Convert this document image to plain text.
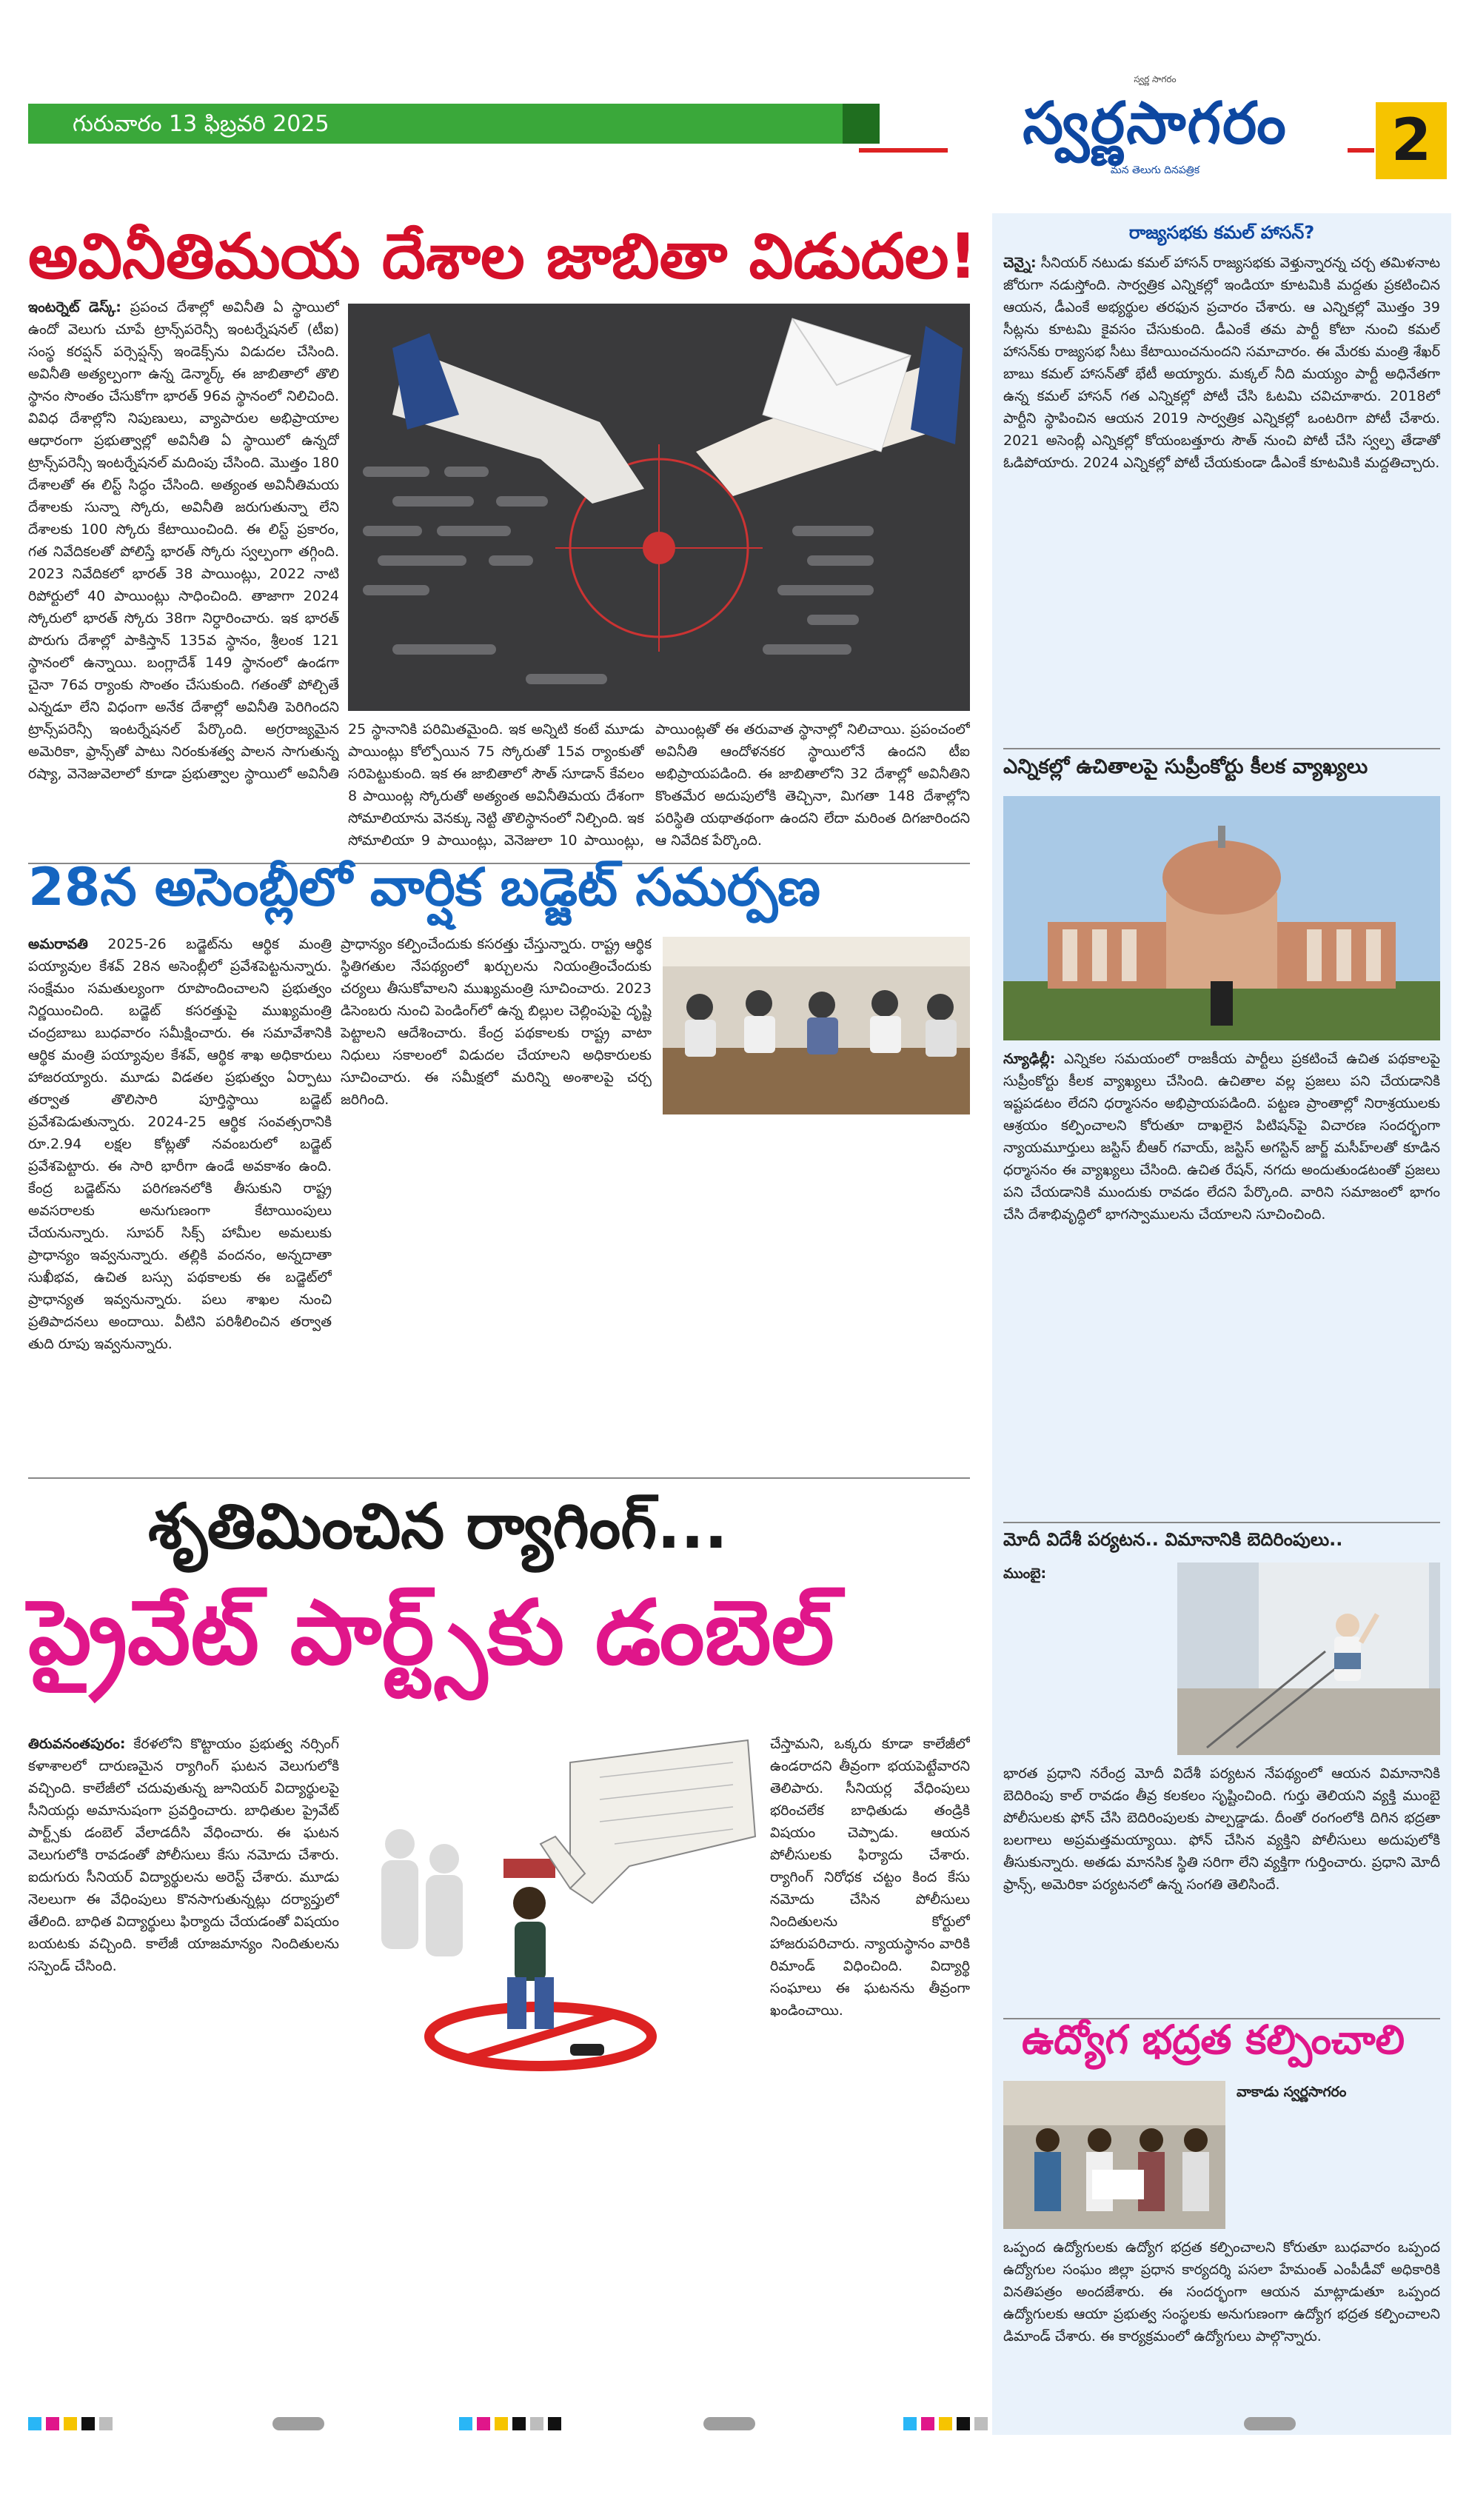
గురువారం 13 ఫిబ్రవరి 2025
స్వర్ణ సాగరం
స్వర్ణసాగరం
మన తెలుగు దినపత్రిక	2
అవినీతిమయ దేశాల జాబితా విడుదల!
ఇంటర్నెట్ డెస్క్: ప్రపంచ దేశాల్లో అవినీతి ఏ స్థాయిలో ఉందో వెలుగు చూపే ట్రాన్స్‌పరెన్సీ ఇంటర్నేషనల్ (టీఐ) సంస్థ కరప్షన్ పర్సెప్షన్స్ ఇండెక్స్‌ను విడుదల చేసింది. అవినీతి అత్యల్పంగా ఉన్న డెన్మార్క్ ఈ జాబితాలో తొలి స్థానం సొంతం చేసుకోగా భారత్ 96వ స్థానంలో నిలిచింది. వివిధ దేశాల్లోని నిపుణులు, వ్యాపారుల అభిప్రాయాల ఆధారంగా ప్రభుత్వాల్లో అవినీతి ఏ స్థాయిలో ఉన్నదో ట్రాన్స్‌పరెన్సీ ఇంటర్నేషనల్ మదింపు చేసింది. మొత్తం 180 దేశాలతో ఈ లిస్ట్ సిద్ధం చేసింది. అత్యంత అవినీతిమయ దేశాలకు సున్నా స్కోరు, అవినీతి జరుగుతున్నా లేని దేశాలకు 100 స్కోరు కేటాయించింది. ఈ లిస్ట్ ప్రకారం, గత నివేదికలతో పోలిస్తే భారత్ స్కోరు స్వల్పంగా తగ్గింది. 2023 నివేదికలో భారత్ 38 పాయింట్లు, 2022 నాటి రిపోర్టులో 40 పాయింట్లు సాధించింది. తాజాగా 2024 స్కోరులో భారత్ స్కోరు 38గా నిర్ధారించారు. ఇక భారత్ పొరుగు దేశాల్లో పాకిస్తాన్ 135వ స్థానం, శ్రీలంక 121 స్థానంలో ఉన్నాయి. బంగ్లాదేశ్ 149 స్థానంలో ఉండగా చైనా 76వ ర్యాంకు సొంతం చేసుకుంది. గతంతో పోల్చితే ఎన్నడూ లేని విధంగా అనేక దేశాల్లో అవినీతి పెరిగిందని ట్రాన్స్‌పరెన్సీ ఇంటర్నేషనల్ పేర్కొంది. అగ్రరాజ్యమైన అమెరికా, ఫ్రాన్స్‌తో పాటు నిరంకుశత్వ పాలన సాగుతున్న రష్యా, వెనెజువెలాలో కూడా ప్రభుత్వాల స్థాయిలో అవినీతి
25 స్థానానికి పరిమితమైంది. ఇక అన్నిటి కంటే మూడు పాయింట్లు కోల్పోయిన 75 స్కోరుతో 15వ ర్యాంకుతో సరిపెట్టుకుంది. ఇక ఈ జాబితాలో సౌత్ సూడాన్ కేవలం 8 పాయింట్ల స్కోరుతో అత్యంత అవినీతిమయ దేశంగా సోమాలియాను వెనక్కు నెట్టి తొలిస్థానంలో నిల్చింది. ఇక సోమాలియా 9 పాయింట్లు, వెనెజులా 10 పాయింట్లు,
పాయింట్లతో ఈ తరువాత స్థానాల్లో నిలిచాయి. ప్రపంచంలో అవినీతి ఆందోళనకర స్థాయిలోనే ఉందని టీఐ అభిప్రాయపడింది. ఈ జాబితాలోని 32 దేశాల్లో అవినీతిని కొంతమేర అదుపులోకి తెచ్చినా, మిగతా 148 దేశాల్లోని పరిస్థితి యథాతథంగా ఉందని లేదా మరింత దిగజారిందని ఆ నివేదిక పేర్కొంది.
28న అసెంబ్లీలో వార్షిక బడ్జెట్ సమర్పణ
అమరావతి 2025-26 బడ్జెట్‌ను ఆర్థిక మంత్రి పయ్యావుల కేశవ్ 28న అసెంబ్లీలో ప్రవేశపెట్టనున్నారు. సంక్షేమం సమతుల్యంగా రూపొందించాలని ప్రభుత్వం నిర్ణయించింది. బడ్జెట్ కసరత్తుపై ముఖ్యమంత్రి చంద్రబాబు బుధవారం సమీక్షించారు. ఈ సమావేశానికి ఆర్థిక మంత్రి పయ్యావుల కేశవ్, ఆర్థిక శాఖ అధికారులు హాజరయ్యారు. మూడు విడతల ప్రభుత్వం ఏర్పాటు తర్వాత తొలిసారి పూర్తిస్థాయి బడ్జెట్ ప్రవేశపెడుతున్నారు. 2024-25 ఆర్థిక సంవత్సరానికి రూ.2.94 లక్షల కోట్లతో నవంబరులో బడ్జెట్ ప్రవేశపెట్టారు. ఈ సారి భారీగా ఉండే అవకాశం ఉంది. కేంద్ర బడ్జెట్‌ను పరిగణనలోకి తీసుకుని రాష్ట్ర అవసరాలకు అనుగుణంగా కేటాయింపులు చేయనున్నారు. సూపర్ సిక్స్ హామీల అమలుకు ప్రాధాన్యం ఇవ్వనున్నారు. తల్లికి వందనం, అన్నదాతా సుఖీభవ, ఉచిత బస్సు పథకాలకు ఈ బడ్జెట్‌లో ప్రాధాన్యత ఇవ్వనున్నారు. పలు శాఖల నుంచి ప్రతిపాదనలు అందాయి. వీటిని పరిశీలించిన తర్వాత తుది రూపు ఇవ్వనున్నారు.
ప్రాధాన్యం కల్పించేందుకు కసరత్తు చేస్తున్నారు. రాష్ట్ర ఆర్థిక స్థితిగతుల నేపథ్యంలో ఖర్చులను నియంత్రించేందుకు చర్యలు తీసుకోవాలని ముఖ్యమంత్రి సూచించారు. 2023 డిసెంబరు నుంచి పెండింగ్‌లో ఉన్న బిల్లుల చెల్లింపుపై దృష్టి పెట్టాలని ఆదేశించారు. కేంద్ర పథకాలకు రాష్ట్ర వాటా నిధులు సకాలంలో విడుదల చేయాలని అధికారులకు సూచించారు. ఈ సమీక్షలో మరిన్ని అంశాలపై చర్చ జరిగింది.
శృతిమించిన ర్యాగింగ్...
ప్రైవేట్ పార్ట్స్‌కు డంబెల్
తిరువనంతపురం: కేరళలోని కొట్టాయం ప్రభుత్వ నర్సింగ్ కళాశాలలో దారుణమైన ర్యాగింగ్ ఘటన వెలుగులోకి వచ్చింది. కాలేజీలో చదువుతున్న జూనియర్ విద్యార్థులపై సీనియర్లు అమానుషంగా ప్రవర్తించారు. బాధితుల ప్రైవేట్ పార్ట్స్‌కు డంబెల్ వేలాడదీసి వేధించారు. ఈ ఘటన వెలుగులోకి రావడంతో పోలీసులు కేసు నమోదు చేశారు. ఐదుగురు సీనియర్ విద్యార్థులను అరెస్ట్ చేశారు. మూడు నెలలుగా ఈ వేధింపులు కొనసాగుతున్నట్లు దర్యాప్తులో తేలింది. బాధిత విద్యార్థులు ఫిర్యాదు చేయడంతో విషయం బయటకు వచ్చింది. కాలేజీ యాజమాన్యం నిందితులను సస్పెండ్ చేసింది.
చేస్తామని, ఒక్కరు కూడా కాలేజీలో ఉండరాదని తీవ్రంగా భయపెట్టేవారని తెలిపారు. సీనియర్ల వేధింపులు భరించలేక బాధితుడు తండ్రికి విషయం చెప్పాడు. ఆయన పోలీసులకు ఫిర్యాదు చేశారు. ర్యాగింగ్ నిరోధక చట్టం కింద కేసు నమోదు చేసిన పోలీసులు నిందితులను కోర్టులో హాజరుపరిచారు. న్యాయస్థానం వారికి రిమాండ్ విధించింది. విద్యార్థి సంఘాలు ఈ ఘటనను తీవ్రంగా ఖండించాయి.
రాజ్యసభకు కమల్ హాసన్?
చెన్నై: సీనియర్ నటుడు కమల్ హాసన్ రాజ్యసభకు వెళ్తున్నారన్న చర్చ తమిళనాట జోరుగా నడుస్తోంది. సార్వత్రిక ఎన్నికల్లో ఇండియా కూటమికి మద్దతు ప్రకటించిన ఆయన, డీఎంకే అభ్యర్థుల తరఫున ప్రచారం చేశారు. ఆ ఎన్నికల్లో మొత్తం 39 సీట్లను కూటమి కైవసం చేసుకుంది. డీఎంకే తమ పార్టీ కోటా నుంచి కమల్ హాసన్‌కు రాజ్యసభ సీటు కేటాయించనుందని సమాచారం. ఈ మేరకు మంత్రి శేఖర్ బాబు కమల్ హాసన్‌తో భేటీ అయ్యారు. మక్కల్ నీది మయ్యం పార్టీ అధినేతగా ఉన్న కమల్ హాసన్ గత ఎన్నికల్లో పోటీ చేసి ఓటమి చవిచూశారు. 2018లో పార్టీని స్థాపించిన ఆయన 2019 సార్వత్రిక ఎన్నికల్లో ఒంటరిగా పోటీ చేశారు. 2021 అసెంబ్లీ ఎన్నికల్లో కోయంబత్తూరు సౌత్ నుంచి పోటీ చేసి స్వల్ప తేడాతో ఓడిపోయారు. 2024 ఎన్నికల్లో పోటీ చేయకుండా డీఎంకే కూటమికి మద్దతిచ్చారు.
ఎన్నికల్లో ఉచితాలపై సుప్రీంకోర్టు కీలక వ్యాఖ్యలు
న్యూఢిల్లీ: ఎన్నికల సమయంలో రాజకీయ పార్టీలు ప్రకటించే ఉచిత పథకాలపై సుప్రీంకోర్టు కీలక వ్యాఖ్యలు చేసింది. ఉచితాల వల్ల ప్రజలు పని చేయడానికి ఇష్టపడటం లేదని ధర్మాసనం అభిప్రాయపడింది. పట్టణ ప్రాంతాల్లో నిరాశ్రయులకు ఆశ్రయం కల్పించాలని కోరుతూ దాఖలైన పిటిషన్‌పై విచారణ సందర్భంగా న్యాయమూర్తులు జస్టిస్ బీఆర్ గవాయ్, జస్టిస్ అగస్టిన్ జార్జ్ మసీహ్‌లతో కూడిన ధర్మాసనం ఈ వ్యాఖ్యలు చేసింది. ఉచిత రేషన్, నగదు అందుతుండటంతో ప్రజలు పని చేయడానికి ముందుకు రావడం లేదని పేర్కొంది. వారిని సమాజంలో భాగం చేసి దేశాభివృద్ధిలో భాగస్వాములను చేయాలని సూచించింది.
మోదీ విదేశీ పర్యటన.. విమానానికి బెదిరింపులు..
ముంబై:
భారత ప్రధాని నరేంద్ర మోదీ విదేశీ పర్యటన నేపథ్యంలో ఆయన విమానానికి బెదిరింపు కాల్ రావడం తీవ్ర కలకలం సృష్టించింది. గుర్తు తెలియని వ్యక్తి ముంబై పోలీసులకు ఫోన్ చేసి బెదిరింపులకు పాల్పడ్డాడు. దీంతో రంగంలోకి దిగిన భద్రతా బలగాలు అప్రమత్తమయ్యాయి. ఫోన్ చేసిన వ్యక్తిని పోలీసులు అదుపులోకి తీసుకున్నారు. అతడు మానసిక స్థితి సరిగా లేని వ్యక్తిగా గుర్తించారు. ప్రధాని మోదీ ఫ్రాన్స్, అమెరికా పర్యటనలో ఉన్న సంగతి తెలిసిందే.
ఉద్యోగ భద్రత కల్పించాలి
వాకాడు స్వర్ణసాగరం
ఒప్పంద ఉద్యోగులకు ఉద్యోగ భద్రత కల్పించాలని కోరుతూ బుధవారం ఒప్పంద ఉద్యోగుల సంఘం జిల్లా ప్రధాన కార్యదర్శి పసలా హేమంత్ ఎంపీడీవో అధికారికి వినతిపత్రం అందజేశారు. ఈ సందర్భంగా ఆయన మాట్లాడుతూ ఒప్పంద ఉద్యోగులకు ఆయా ప్రభుత్వ సంస్థలకు అనుగుణంగా ఉద్యోగ భద్రత కల్పించాలని డిమాండ్ చేశారు. ఈ కార్యక్రమంలో ఉద్యోగులు పాల్గొన్నారు.
